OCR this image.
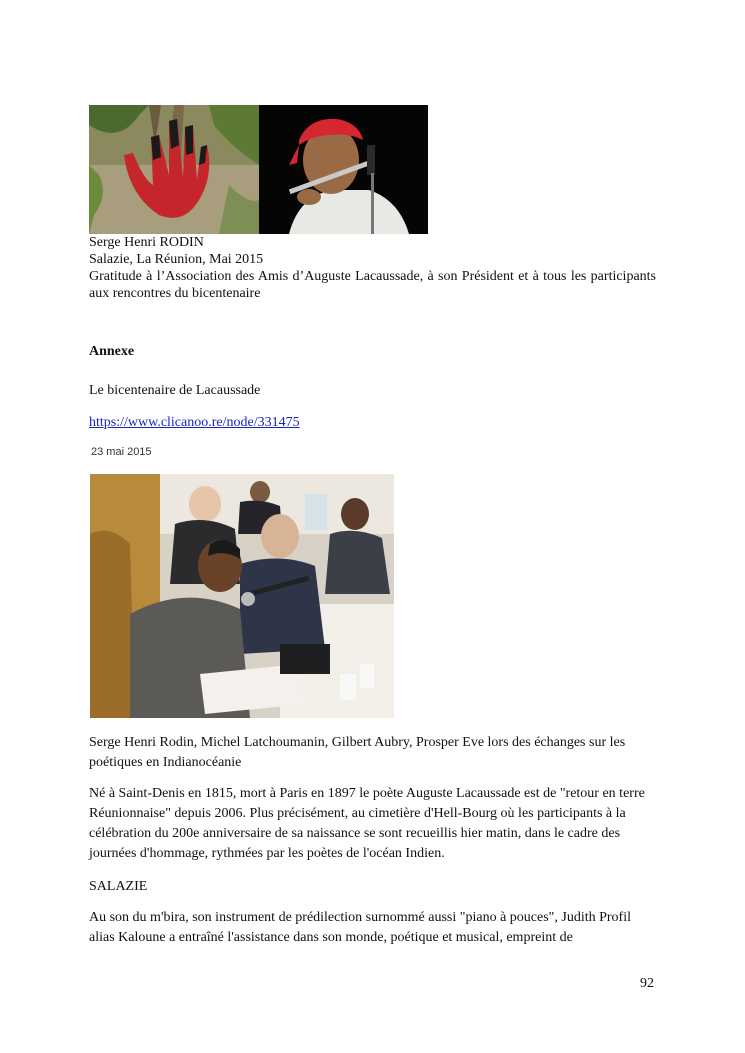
Serge Henri RODIN
Salazie, La Réunion, Mai 2015
Gratitude à l’Association des Amis d’Auguste Lacaussade, à son Président et à tous les participants aux rencontres du bicentenaire
Annexe
Le bicentenaire de Lacaussade
https://www.clicanoo.re/node/331475
23 mai 2015
Serge Henri Rodin, Michel Latchoumanin, Gilbert Aubry, Prosper Eve lors des échanges sur les poétiques en Indianocéanie
Né à Saint-Denis en 1815, mort à Paris en 1897 le poète Auguste Lacaussade est de "retour en terre Réunionnaise" depuis 2006. Plus précisément, au cimetière d'Hell-Bourg où les participants à la célébration du 200e anniversaire de sa naissance se sont recueillis hier matin, dans le cadre des journées d'hommage, rythmées par les poètes de l'océan Indien.
SALAZIE
Au son du m'bira, son instrument de prédilection surnommé aussi "piano à pouces", Judith Profil alias Kaloune a entraîné l'assistance dans son monde, poétique et musical, empreint de
92
